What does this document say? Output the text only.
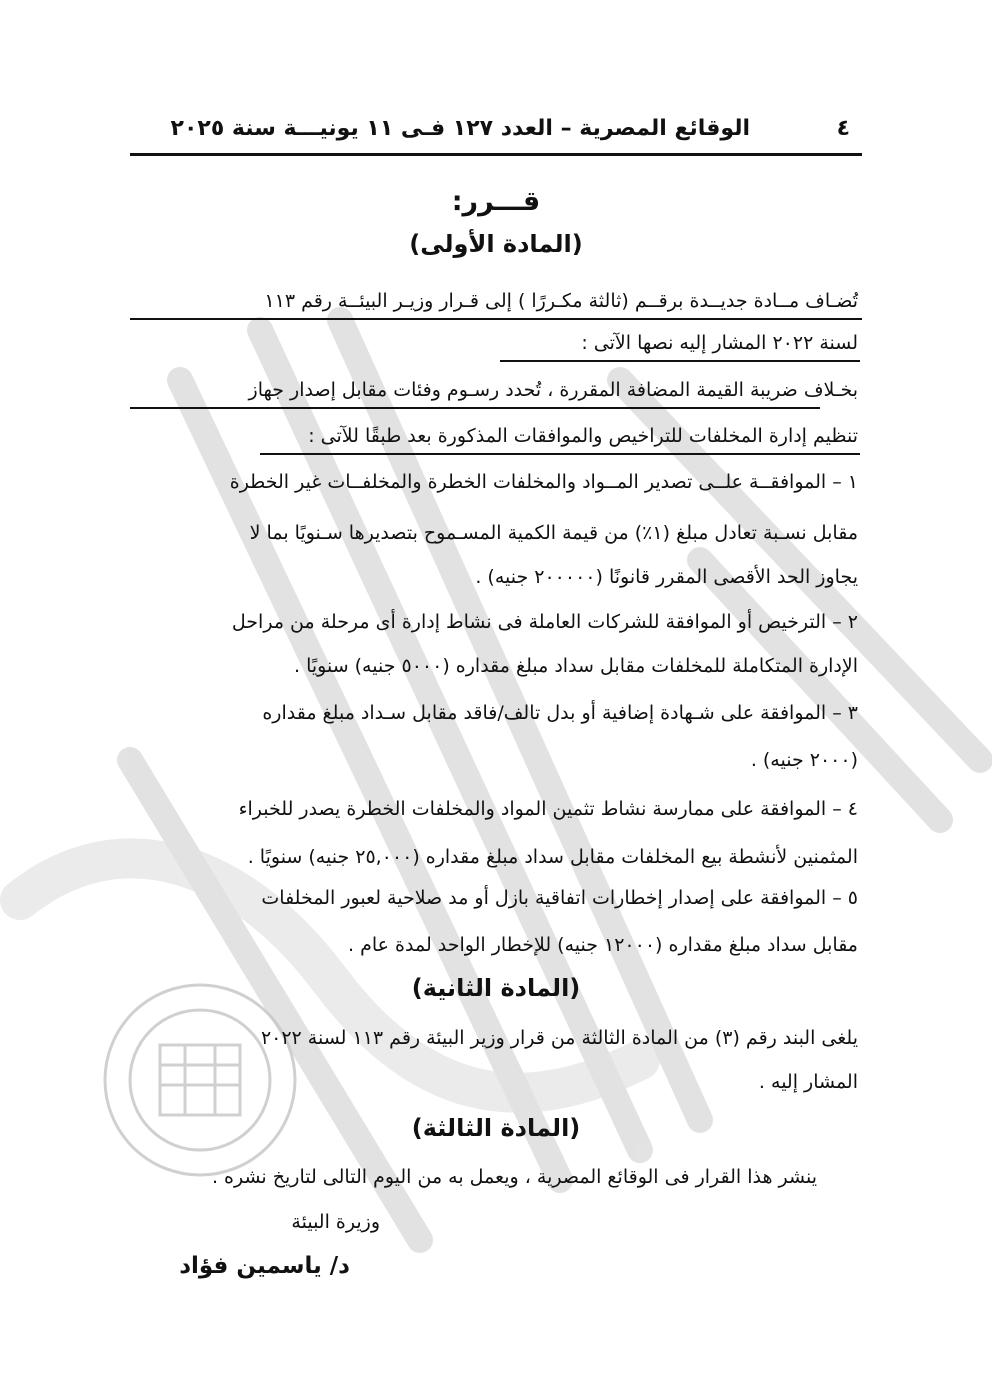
٤
الوقائع المصرية – العدد ١٢٧ فـى ١١ يونيـــة سنة ٢٠٢٥
قـــرر:
(المادة الأولى)
تُضـاف مــادة جديــدة برقــم (ثالثة مكـررًا ) إلى قـرار وزيـر البيئــة رقم ١١٣
لسنة ٢٠٢٢ المشار إليه نصها الآتى :
بخـلاف ضريبة القيمة المضافة المقررة ، تُحدد رسـوم وفئات مقابل إصدار جهاز
تنظيم إدارة المخلفات للتراخيص والموافقات المذكورة بعد طبقًا للآتى :
١ – الموافقــة علــى تصدير المــواد والمخلفات الخطرة والمخلفــات غير الخطرة
مقابل نسـبة تعادل مبلغ (١٪) من قيمة الكمية المسـموح بتصديرها سـنويًا بما لا
يجاوز الحد الأقصى المقرر قانونًا (٢٠٠٠٠٠ جنيه) .
٢ – الترخيص أو الموافقة للشركات العاملة فى نشاط إدارة أى مرحلة من مراحل
الإدارة المتكاملة للمخلفات مقابل سداد مبلغ مقداره (٥٠٠٠ جنيه) سنويًا .
٣ – الموافقة على شـهادة إضافية أو بدل تالف/فاقد مقابل سـداد مبلغ مقداره
(٢٠٠٠ جنيه) .
٤ – الموافقة على ممارسة نشاط تثمين المواد والمخلفات الخطرة يصدر للخبراء
المثمنين لأنشطة بيع المخلفات مقابل سداد مبلغ مقداره (٢٥,٠٠٠ جنيه) سنويًا .
٥ – الموافقة على إصدار إخطارات اتفاقية بازل أو مد صلاحية لعبور المخلفات
مقابل سداد مبلغ مقداره (١٢٠٠٠ جنيه) للإخطار الواحد لمدة عام .
(المادة الثانية)
يلغى البند رقم (٣) من المادة الثالثة من قرار وزير البيئة رقم ١١٣ لسنة ٢٠٢٢
المشار إليه .
(المادة الثالثة)
ينشر هذا القرار فى الوقائع المصرية ، ويعمل به من اليوم التالى لتاريخ نشره .
وزيرة البيئة
د/ ياسمين فؤاد
